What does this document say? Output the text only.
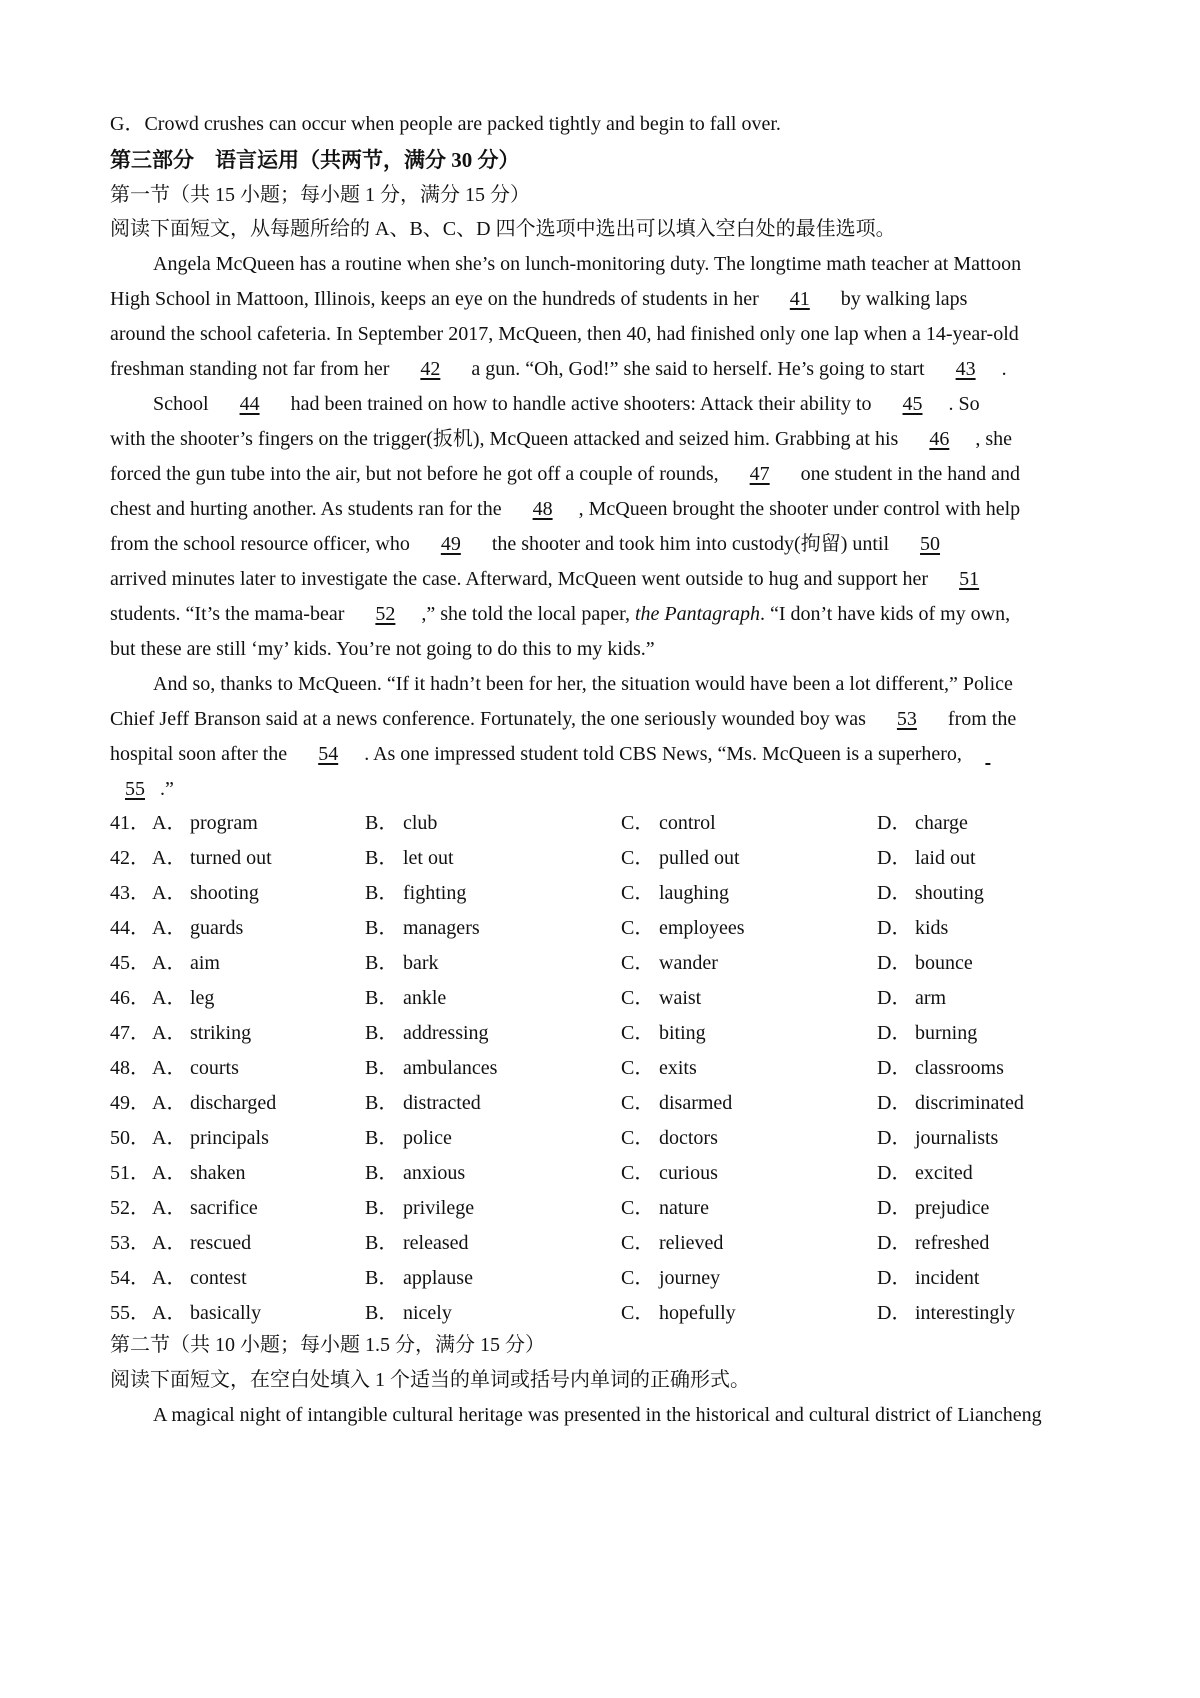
G．Crowd crushes can occur when people are packed tightly and begin to fall over.
第三部分　语言运用（共两节，满分 30 分）
第一节（共 15 小题；每小题 1 分，满分 15 分）
阅读下面短文，从每题所给的 A、B、C、D 四个选项中选出可以填入空白处的最佳选项。
Angela McQueen has a routine when she’s on lunch-monitoring duty. The longtime math teacher at Mattoon
High School in Mattoon, Illinois, keeps an eye on the hundreds of students in her 41 by walking laps
around the school cafeteria. In September 2017, McQueen, then 40, had finished only one lap when a 14-year-old
freshman standing not far from her 42 a gun. “Oh, God!” she said to herself. He’s going to start 43 .
School 44 had been trained on how to handle active shooters: Attack their ability to 45 . So
with the shooter’s fingers on the trigger(扳机), McQueen attacked and seized him. Grabbing at his 46 , she
forced the gun tube into the air, but not before he got off a couple of rounds, 47 one student in the hand and
chest and hurting another. As students ran for the 48 , McQueen brought the shooter under control with help
from the school resource officer, who 49 the shooter and took him into custody(拘留) until 50
arrived minutes later to investigate the case. Afterward, McQueen went outside to hug and support her 51
students. “It’s the mama-bear 52 ,” she told the local paper, the Pantagraph. “I don’t have kids of my own,
but these are still ‘my’ kids. You’re not going to do this to my kids.”
And so, thanks to McQueen. “If it hadn’t been for her, the situation would have been a lot different,” Police
Chief Jeff Branson said at a news conference. Fortunately, the one seriously wounded boy was 53 from the
hospital soon after the 54 . As one impressed student told CBS News, “Ms. McQueen is a superhero,
55 .”
41． A． program	B． club	C． control	D． charge
42． A． turned out	B． let out	C． pulled out	D． laid out
43． A． shooting	B． fighting	C． laughing	D． shouting
44． A． guards	B． managers	C． employees	D． kids
45． A． aim	B． bark	C． wander	D． bounce
46． A． leg	B． ankle	C． waist	D． arm
47． A． striking	B． addressing	C． biting	D． burning
48． A． courts	B． ambulances	C． exits	D． classrooms
49． A． discharged	B． distracted	C． disarmed	D． discriminated
50． A． principals	B． police	C． doctors	D． journalists
51． A． shaken	B． anxious	C． curious	D． excited
52． A． sacrifice	B． privilege	C． nature	D． prejudice
53． A． rescued	B． released	C． relieved	D． refreshed
54． A． contest	B． applause	C． journey	D． incident
55． A． basically	B． nicely	C． hopefully	D． interestingly
第二节（共 10 小题；每小题 1.5 分，满分 15 分）
阅读下面短文，在空白处填入 1 个适当的单词或括号内单词的正确形式。
A magical night of intangible cultural heritage was presented in the historical and cultural district of Liancheng
